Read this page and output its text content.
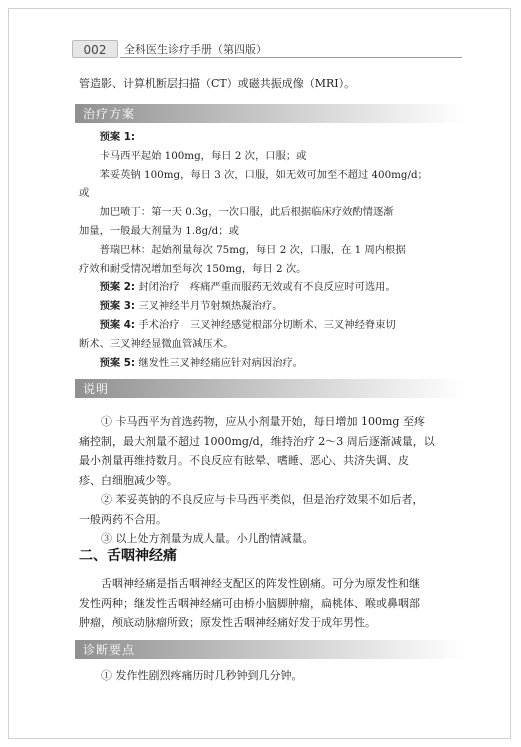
002	全科医生诊疗手册（第四版）

管造影、计算机断层扫描（CT）或磁共振成像（MRI）。

治疗方案

预案 1:

卡马西平起始 100mg，每日 2 次，口服；或

苯妥英钠 100mg，每日 3 次，口服，如无效可加至不超过 400mg/d；

或

加巴喷丁：第一天 0.3g，一次口服，此后根据临床疗效酌情逐渐

加量，一般最大剂量为 1.8g/d；或

普瑞巴林：起始剂量每次 75mg，每日 2 次，口服，在 1 周内根据

疗效和耐受情况增加至每次 150mg，每日 2 次。

预案 2: 封闭治疗　疼痛严重而服药无效或有不良反应时可选用。

预案 3: 三叉神经半月节射频热凝治疗。

预案 4: 手术治疗　三叉神经感觉根部分切断术、三叉神经脊束切

断术、三叉神经显微血管减压术。

预案 5: 继发性三叉神经痛应针对病因治疗。

说明

① 卡马西平为首选药物，应从小剂量开始，每日增加 100mg 至疼

痛控制，最大剂量不超过 1000mg/d，维持治疗 2～3 周后逐渐减量，以

最小剂量再维持数月。不良反应有眩晕、嗜睡、恶心、共济失调、皮

疹、白细胞减少等。

② 苯妥英钠的不良反应与卡马西平类似，但是治疗效果不如后者，

一般两药不合用。

③ 以上处方剂量为成人量。小儿酌情减量。

二、舌咽神经痛

舌咽神经痛是指舌咽神经支配区的阵发性剧痛。可分为原发性和继

发性两种；继发性舌咽神经痛可由桥小脑脚肿瘤，扁桃体、喉或鼻咽部

肿瘤，颅底动脉瘤所致；原发性舌咽神经痛好发于成年男性。

诊断要点

① 发作性剧烈疼痛历时几秒钟到几分钟。
